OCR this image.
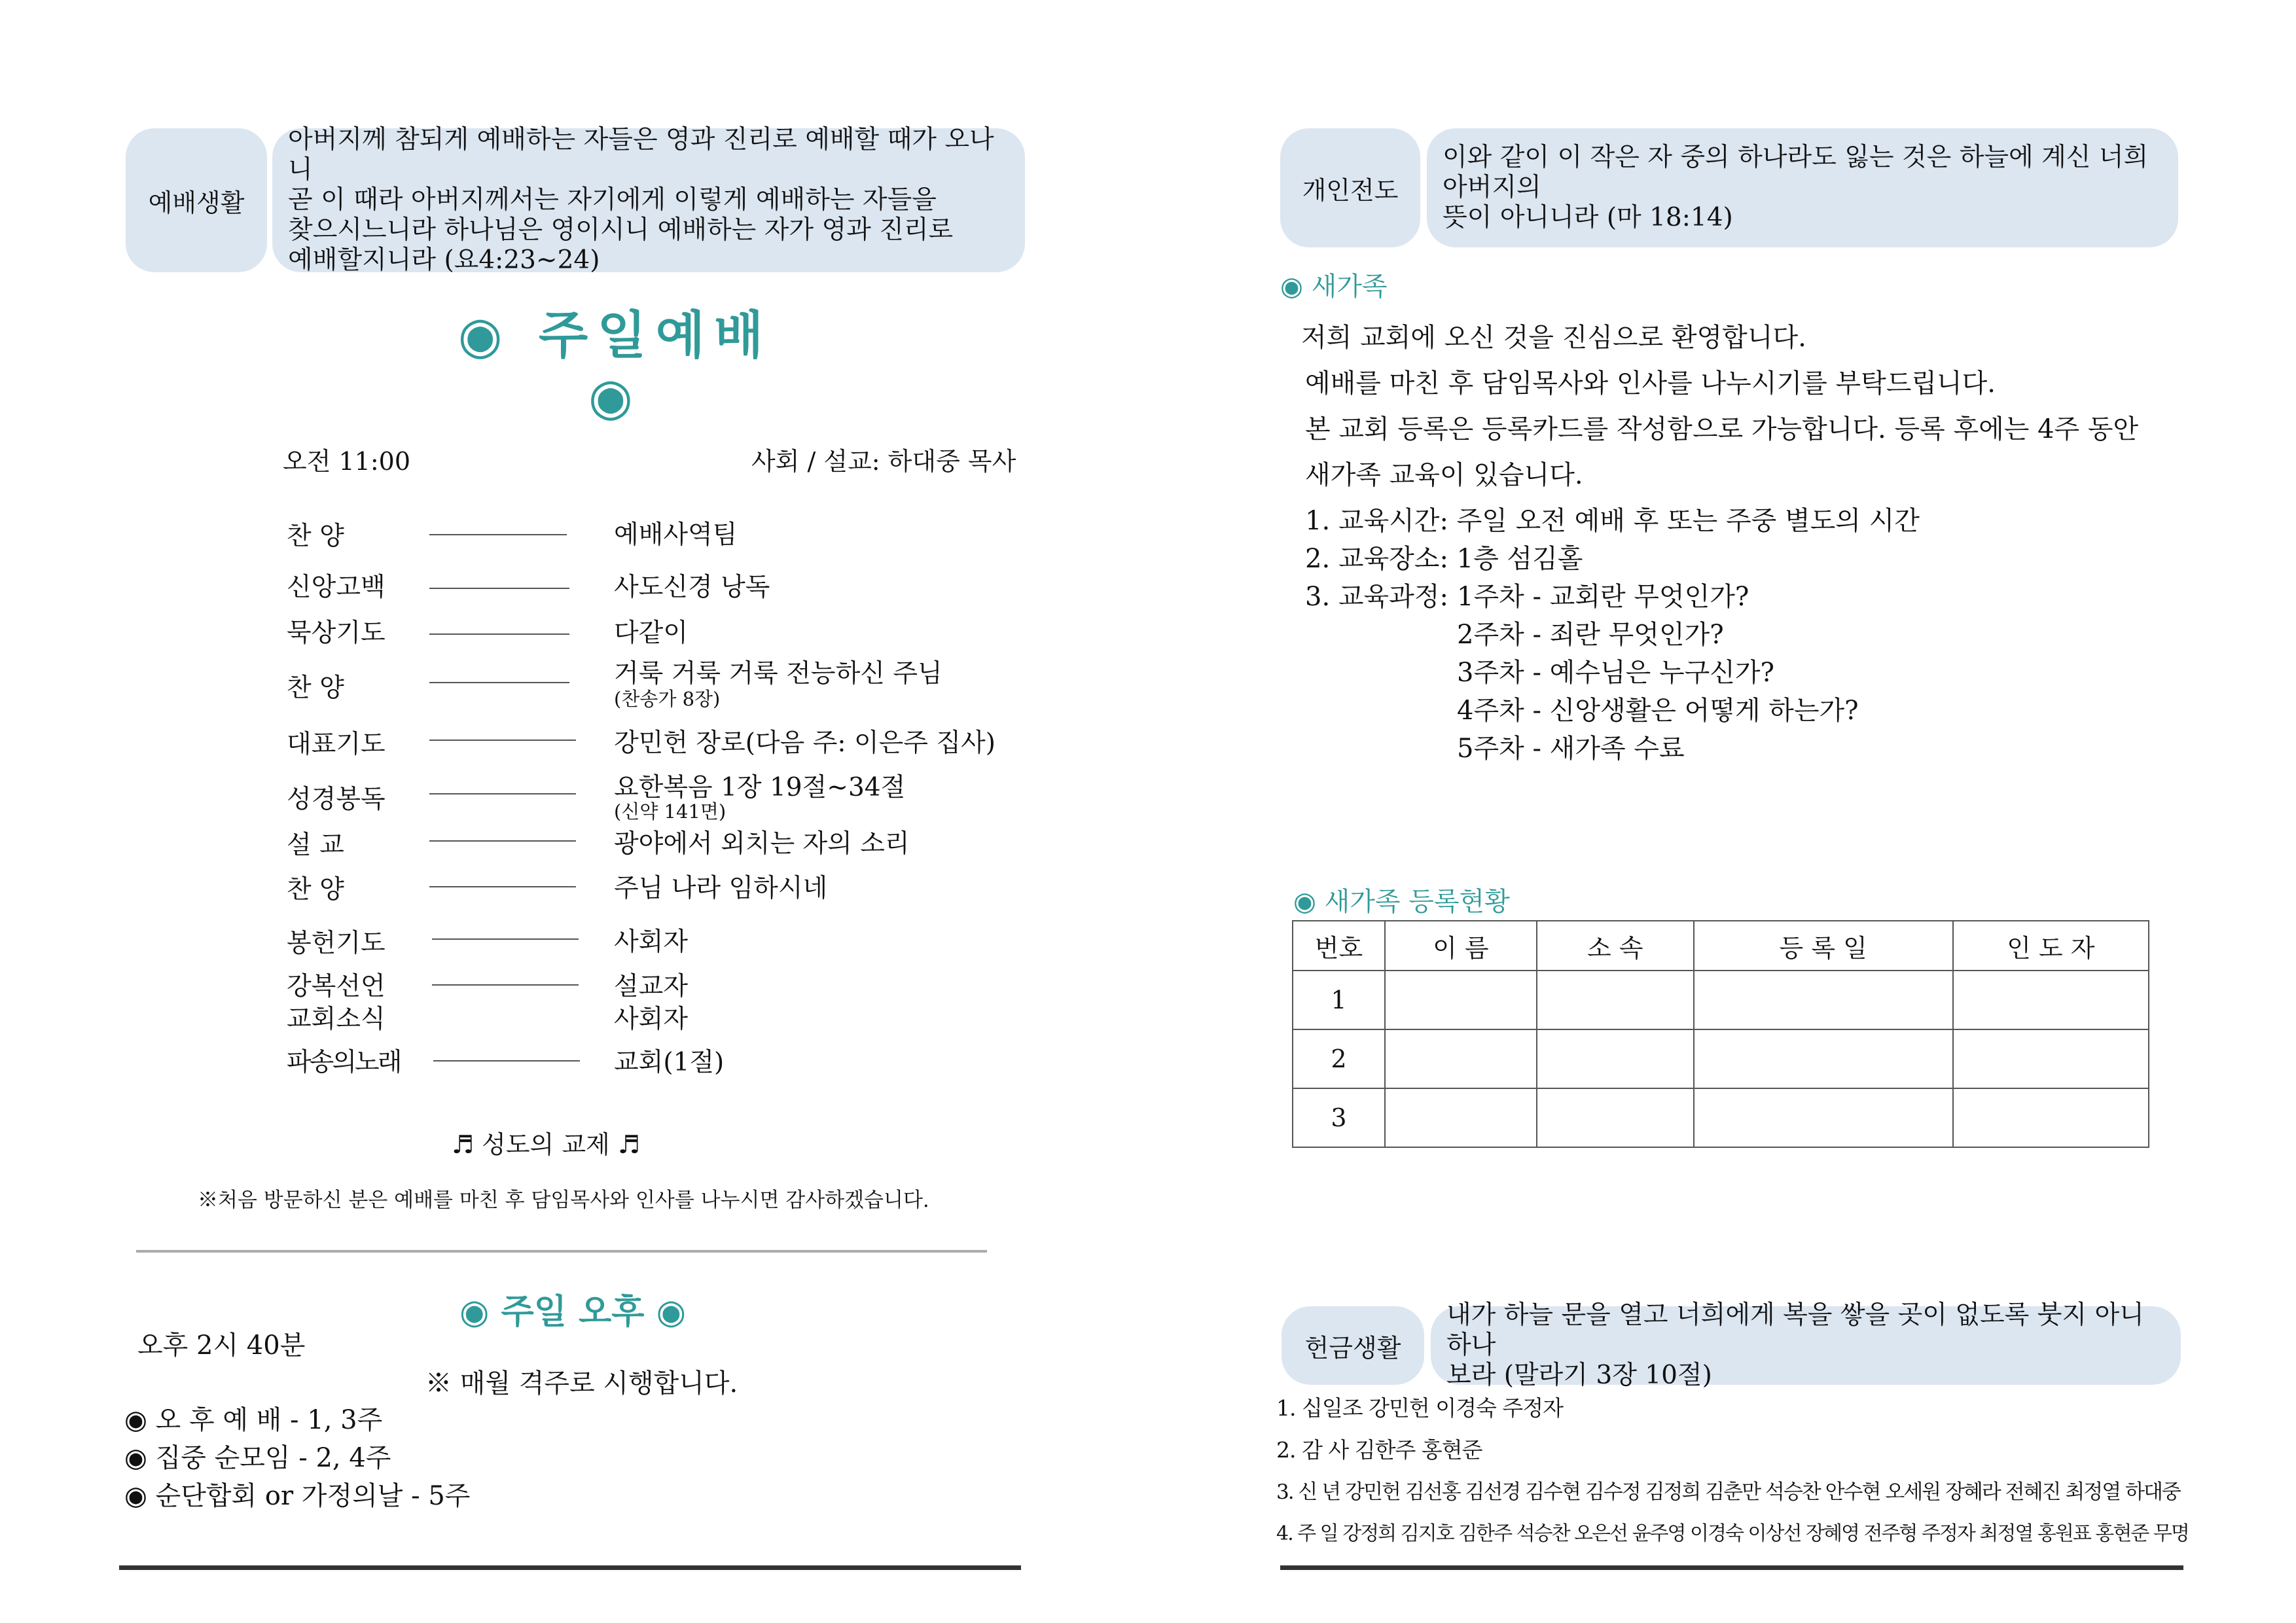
예배생활
아버지께 참되게 예배하는 자들은 영과 진리로 예배할 때가 오나니
곧 이 때라 아버지께서는 자기에게 이렇게 예배하는 자들을
찾으시느니라 하나님은 영이시니 예배하는 자가 영과 진리로
예배할지니라 (요4:23~24)
◉ 주일예배 ◉
오전 11:00	사회 / 설교: 하대중 목사
찬 양	예배사역팀
신앙고백	사도신경 낭독
묵상기도	다같이
찬 양	거룩 거룩 거룩 전능하신 주님
(찬송가 8장)
대표기도	강민헌 장로(다음 주: 이은주 집사)
성경봉독	요한복음 1장 19절~34절
(신약 141면)
설 교	광야에서 외치는 자의 소리
찬 양	주님 나라 임하시네
봉헌기도	사회자
강복선언	설교자
교회소식	사회자
파송의노래	교회(1절)
♬ 성도의 교제 ♬
※처음 방문하신 분은 예배를 마친 후 담임목사와 인사를 나누시면 감사하겠습니다.
◉ 주일 오후 ◉
오후 2시 40분
※ 매월 격주로 시행합니다.
◉ 오 후 예 배 - 1, 3주
◉ 집중 순모임 - 2, 4주
◉ 순단합회 or 가정의날 - 5주
개인전도
이와 같이 이 작은 자 중의 하나라도 잃는 것은 하늘에 계신 너희 아버지의
뜻이 아니니라 (마 18:14)
◉ 새가족
저희 교회에 오신 것을 진심으로 환영합니다.
예배를 마친 후 담임목사와 인사를 나누시기를 부탁드립니다.
본 교회 등록은 등록카드를 작성함으로 가능합니다. 등록 후에는 4주 동안
새가족 교육이 있습니다.
1. 교육시간: 주일 오전 예배 후 또는 주중 별도의 시간
2. 교육장소: 1층 섬김홀
3. 교육과정: 1주차 - 교회란 무엇인가?
2주차 - 죄란 무엇인가?
3주차 - 예수님은 누구신가?
4주차 - 신앙생활은 어떻게 하는가?
5주차 - 새가족 수료
◉ 새가족 등록현황
번호	이 름	소 속	등 록 일	인 도 자
1				
2				
3				
헌금생활
내가 하늘 문을 열고 너희에게 복을 쌓을 곳이 없도록 붓지 아니하나
보라 (말라기 3장 10절)
1. 십일조 강민헌 이경숙 주정자
2. 감 사 김한주 홍현준
3. 신 년 강민헌 김선홍 김선경 김수현 김수정 김정희 김춘만 석승찬 안수현 오세원 장혜라 전혜진 최정열 하대중
4. 주 일 강정희 김지호 김한주 석승찬 오은선 윤주영 이경숙 이상선 장혜영 전주형 주정자 최정열 홍원표 홍현준 무명
